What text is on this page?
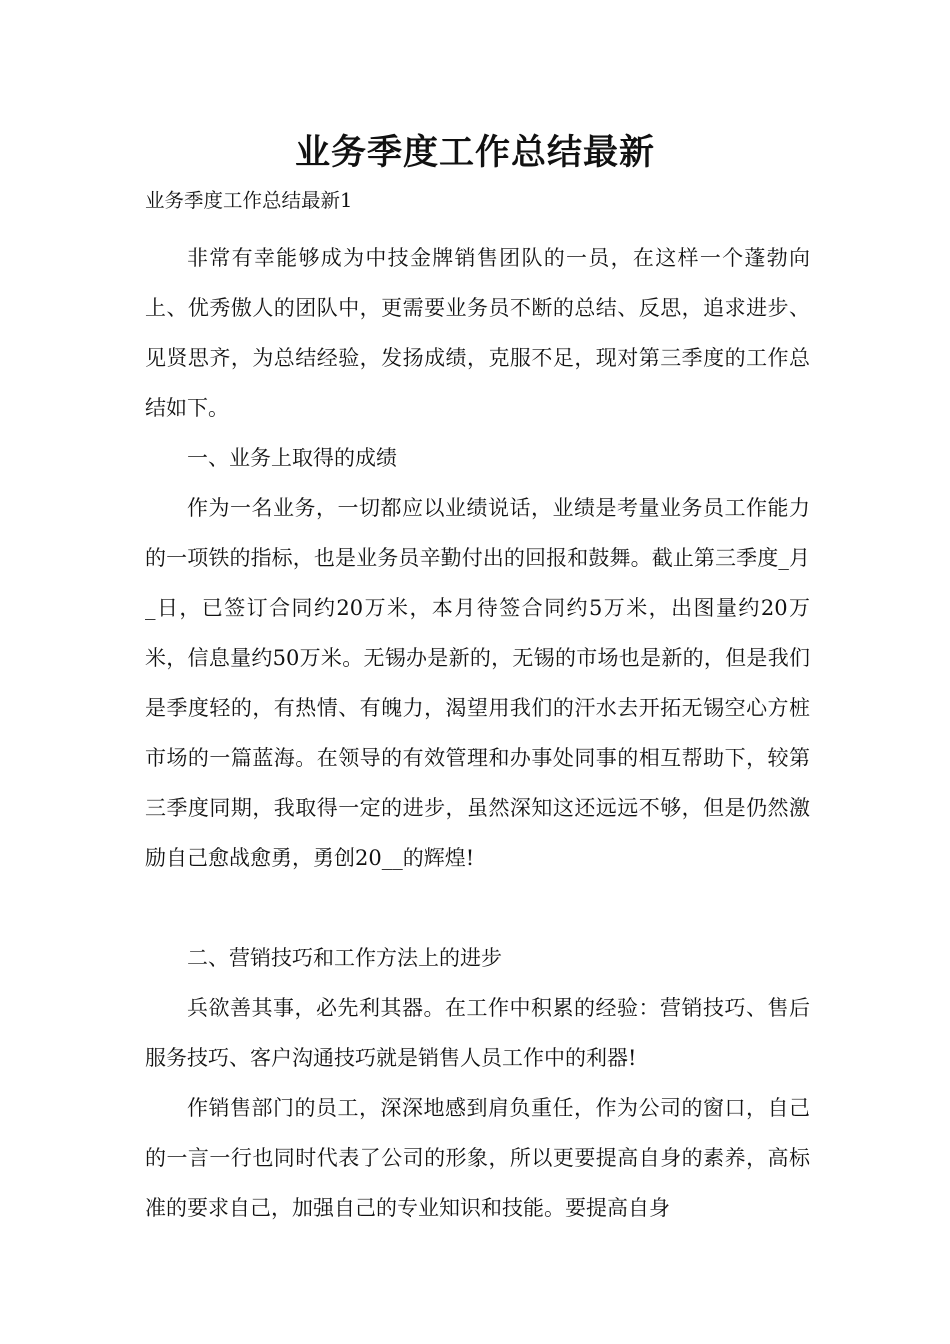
业务季度工作总结最新
业务季度工作总结最新1

非常有幸能够成为中技金牌销售团队的一员，在这样一个蓬勃向上、优秀傲人的团队中，更需要业务员不断的总结、反思，追求进步、见贤思齐，为总结经验，发扬成绩，克服不足，现对第三季度的工作总结如下。

一、业务上取得的成绩

作为一名业务，一切都应以业绩说话，业绩是考量业务员工作能力的一项铁的指标，也是业务员辛勤付出的回报和鼓舞。截止第三季度_月_日，已签订合同约20万米，本月待签合同约5万米，出图量约20万米，信息量约50万米。无锡办是新的，无锡的市场也是新的，但是我们是季度轻的，有热情、有魄力，渴望用我们的汗水去开拓无锡空心方桩市场的一篇蓝海。在领导的有效管理和办事处同事的相互帮助下，较第三季度同期，我取得一定的进步，虽然深知这还远远不够，但是仍然激励自己愈战愈勇，勇创20__的辉煌!

二、营销技巧和工作方法上的进步

兵欲善其事，必先利其器。在工作中积累的经验：营销技巧、售后服务技巧、客户沟通技巧就是销售人员工作中的利器!

作销售部门的员工，深深地感到肩负重任，作为公司的窗口，自己的一言一行也同时代表了公司的形象，所以更要提高自身的素养，高标准的要求自己，加强自己的专业知识和技能。要提高自身
